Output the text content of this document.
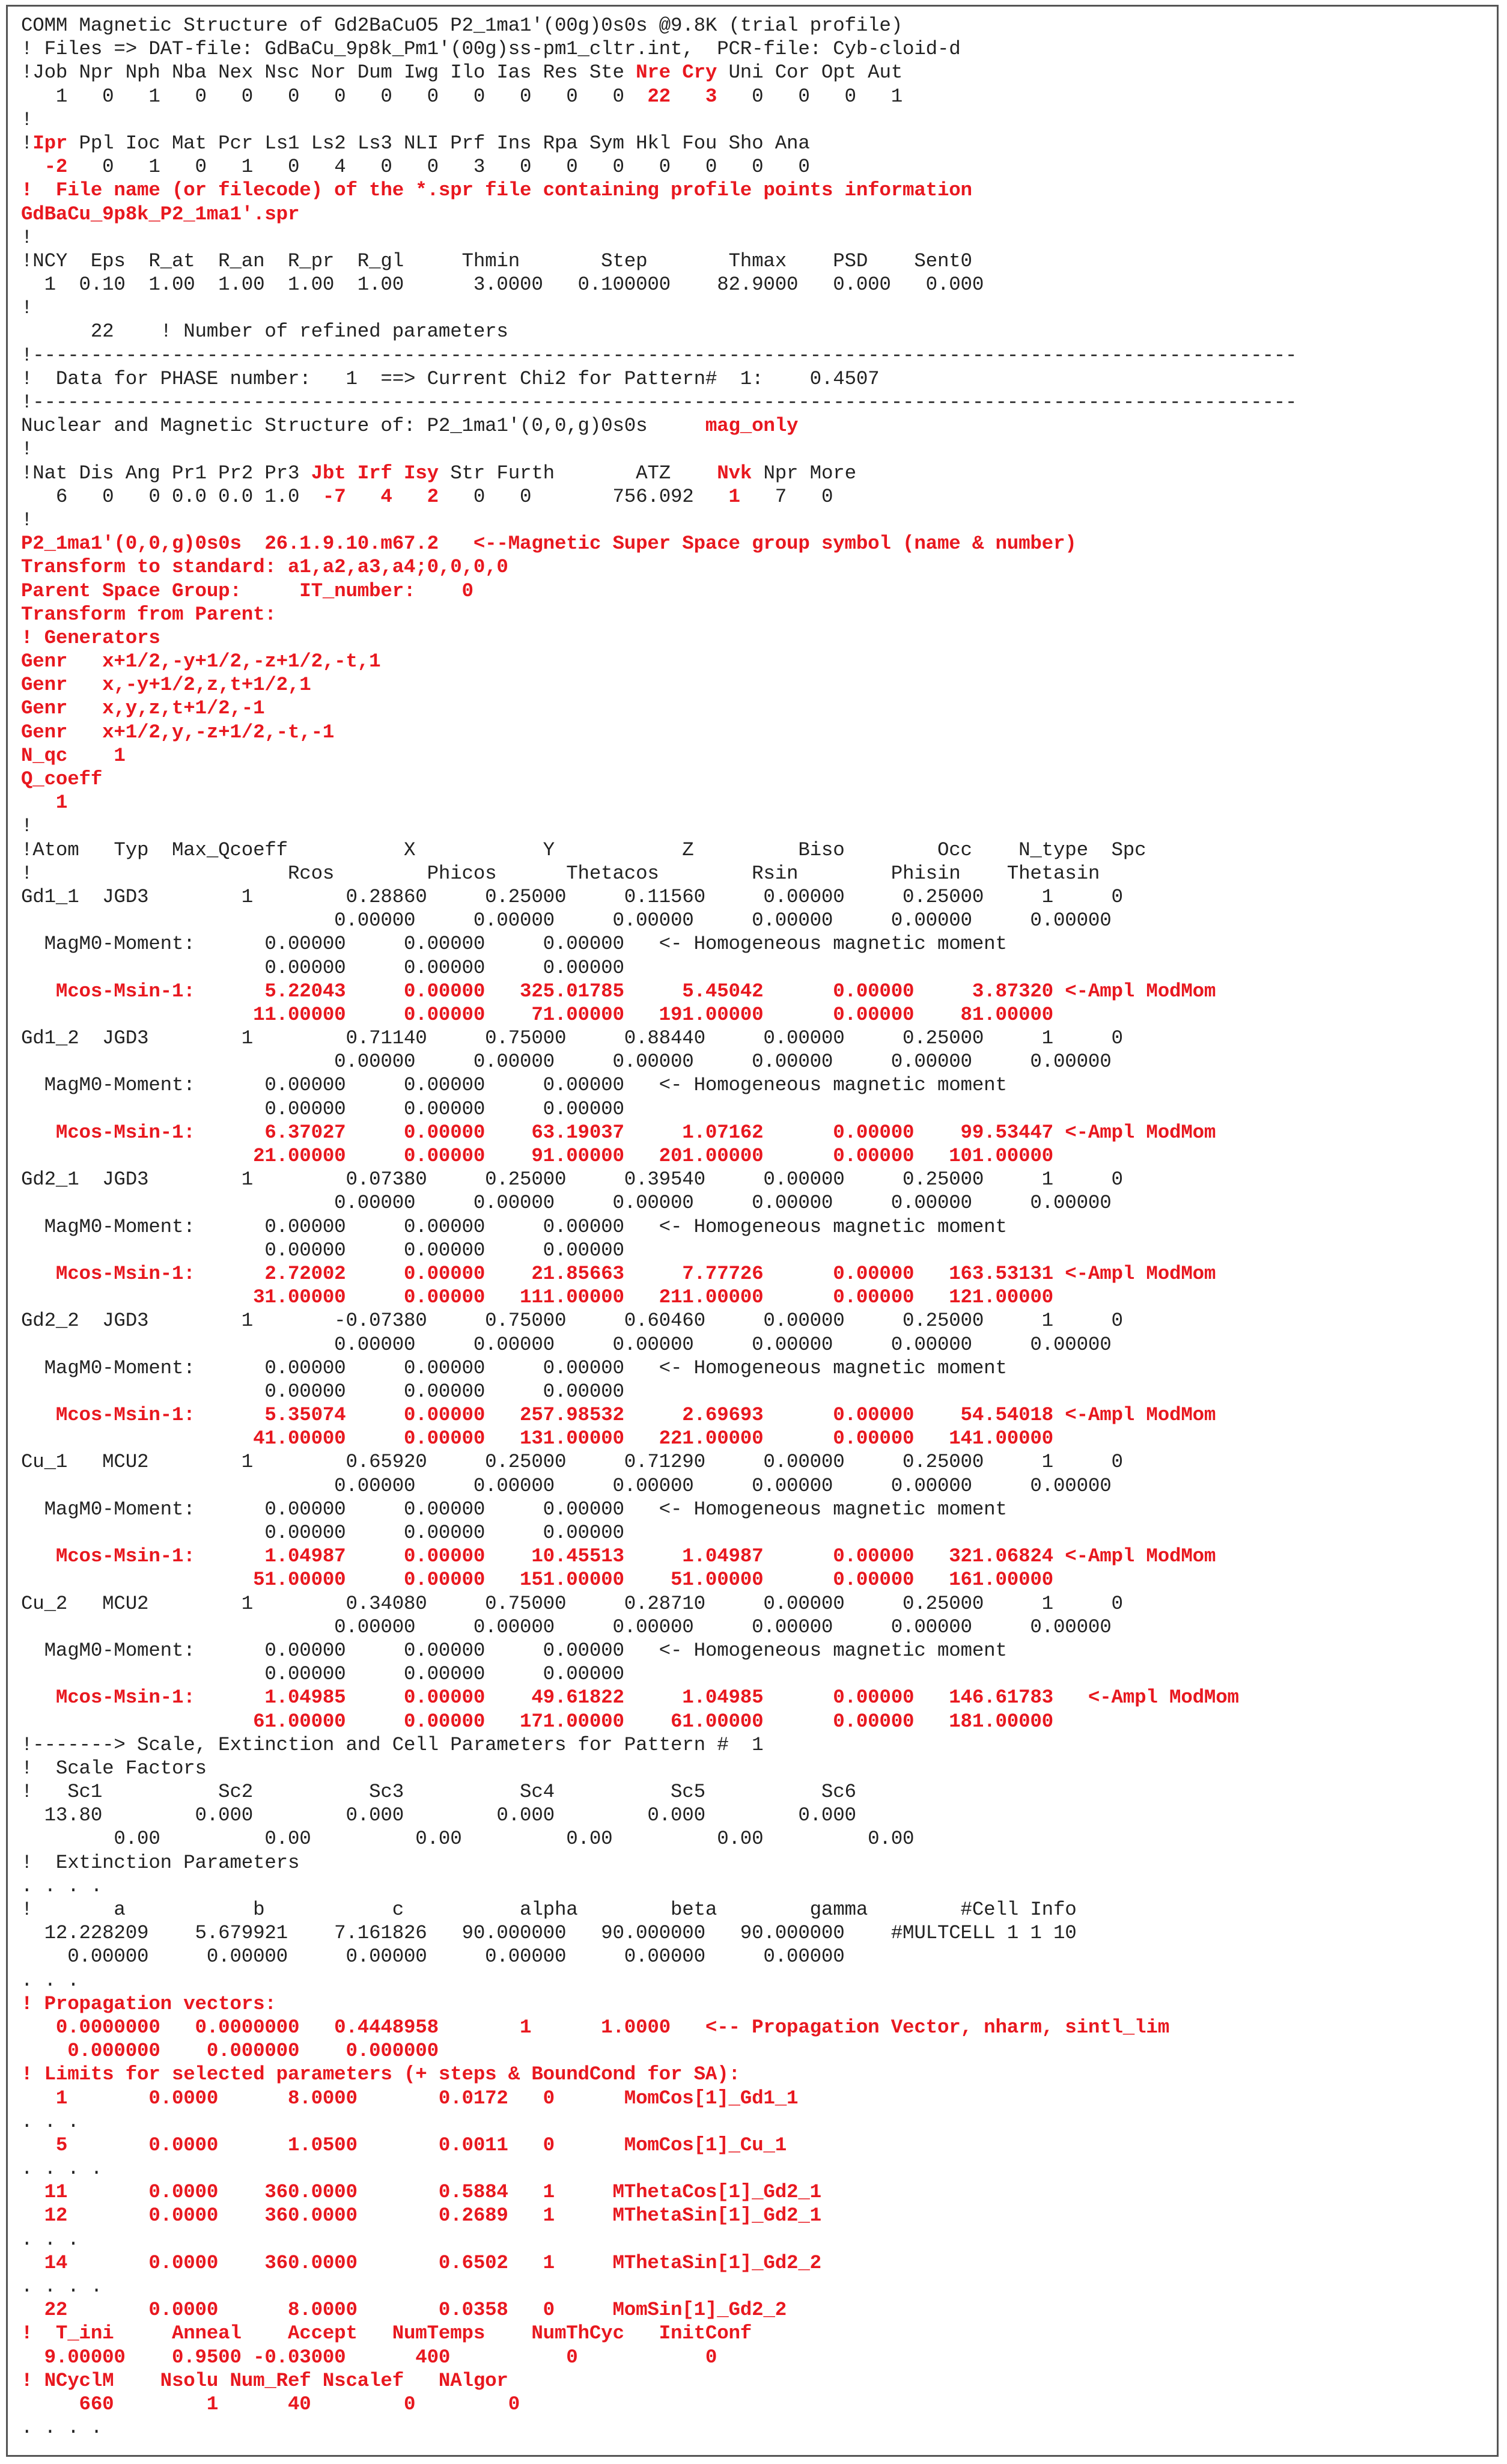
COMM Magnetic Structure of Gd2BaCuO5 P2_1ma1'(00g)0s0s @9.8K (trial profile)
! Files => DAT-file: GdBaCu_9p8k_Pm1'(00g)ss-pm1_cltr.int,  PCR-file: Cyb-cloid-d
!Job Npr Nph Nba Nex Nsc Nor Dum Iwg Ilo Ias Res Ste Nre Cry Uni Cor Opt Aut
1   0   1   0   0   0   0   0   0   0   0   0   0  22   3   0   0   0   1
!
!Ipr Ppl Ioc Mat Pcr Ls1 Ls2 Ls3 NLI Prf Ins Rpa Sym Hkl Fou Sho Ana
-2   0   1   0   1   0   4   0   0   3   0   0   0   0   0   0   0
!  File name (or filecode) of the *.spr file containing profile points information
GdBaCu_9p8k_P2_1ma1'.spr
!
!NCY  Eps  R_at  R_an  R_pr  R_gl     Thmin       Step       Thmax    PSD    Sent0
1  0.10  1.00  1.00  1.00  1.00      3.0000   0.100000    82.9000   0.000   0.000
!
22    ! Number of refined parameters
!-------------------------------------------------------------------------------------------------------------
!  Data for PHASE number:   1  ==> Current Chi2 for Pattern#  1:    0.4507
!-------------------------------------------------------------------------------------------------------------
Nuclear and Magnetic Structure of: P2_1ma1'(0,0,g)0s0s     mag_only
!
!Nat Dis Ang Pr1 Pr2 Pr3 Jbt Irf Isy Str Furth       ATZ    Nvk Npr More
6   0   0 0.0 0.0 1.0  -7   4   2   0   0       756.092   1   7   0
!
P2_1ma1'(0,0,g)0s0s  26.1.9.10.m67.2   <--Magnetic Super Space group symbol (name & number)
Transform to standard: a1,a2,a3,a4;0,0,0,0
Parent Space Group:     IT_number:    0
Transform from Parent:
! Generators
Genr   x+1/2,-y+1/2,-z+1/2,-t,1
Genr   x,-y+1/2,z,t+1/2,1
Genr   x,y,z,t+1/2,-1
Genr   x+1/2,y,-z+1/2,-t,-1
N_qc    1
Q_coeff
1
!
!Atom   Typ  Max_Qcoeff          X           Y           Z         Biso        Occ    N_type  Spc
!                      Rcos        Phicos      Thetacos        Rsin        Phisin    Thetasin
Gd1_1  JGD3        1        0.28860     0.25000     0.11560     0.00000     0.25000     1     0
0.00000     0.00000     0.00000     0.00000     0.00000     0.00000
MagM0-Moment:      0.00000     0.00000     0.00000   <- Homogeneous magnetic moment
0.00000     0.00000     0.00000
Mcos-Msin-1:      5.22043     0.00000   325.01785     5.45042      0.00000     3.87320 <-Ampl ModMom
11.00000     0.00000    71.00000   191.00000      0.00000    81.00000
Gd1_2  JGD3        1        0.71140     0.75000     0.88440     0.00000     0.25000     1     0
0.00000     0.00000     0.00000     0.00000     0.00000     0.00000
MagM0-Moment:      0.00000     0.00000     0.00000   <- Homogeneous magnetic moment
0.00000     0.00000     0.00000
Mcos-Msin-1:      6.37027     0.00000    63.19037     1.07162      0.00000    99.53447 <-Ampl ModMom
21.00000     0.00000    91.00000   201.00000      0.00000   101.00000
Gd2_1  JGD3        1        0.07380     0.25000     0.39540     0.00000     0.25000     1     0
0.00000     0.00000     0.00000     0.00000     0.00000     0.00000
MagM0-Moment:      0.00000     0.00000     0.00000   <- Homogeneous magnetic moment
0.00000     0.00000     0.00000
Mcos-Msin-1:      2.72002     0.00000    21.85663     7.77726      0.00000   163.53131 <-Ampl ModMom
31.00000     0.00000   111.00000   211.00000      0.00000   121.00000
Gd2_2  JGD3        1       -0.07380     0.75000     0.60460     0.00000     0.25000     1     0
0.00000     0.00000     0.00000     0.00000     0.00000     0.00000
MagM0-Moment:      0.00000     0.00000     0.00000   <- Homogeneous magnetic moment
0.00000     0.00000     0.00000
Mcos-Msin-1:      5.35074     0.00000   257.98532     2.69693      0.00000    54.54018 <-Ampl ModMom
41.00000     0.00000   131.00000   221.00000      0.00000   141.00000
Cu_1   MCU2        1        0.65920     0.25000     0.71290     0.00000     0.25000     1     0
0.00000     0.00000     0.00000     0.00000     0.00000     0.00000
MagM0-Moment:      0.00000     0.00000     0.00000   <- Homogeneous magnetic moment
0.00000     0.00000     0.00000
Mcos-Msin-1:      1.04987     0.00000    10.45513     1.04987      0.00000   321.06824 <-Ampl ModMom
51.00000     0.00000   151.00000    51.00000      0.00000   161.00000
Cu_2   MCU2        1        0.34080     0.75000     0.28710     0.00000     0.25000     1     0
0.00000     0.00000     0.00000     0.00000     0.00000     0.00000
MagM0-Moment:      0.00000     0.00000     0.00000   <- Homogeneous magnetic moment
0.00000     0.00000     0.00000
Mcos-Msin-1:      1.04985     0.00000    49.61822     1.04985      0.00000   146.61783   <-Ampl ModMom
61.00000     0.00000   171.00000    61.00000      0.00000   181.00000
!-------> Scale, Extinction and Cell Parameters for Pattern #  1
!  Scale Factors
!   Sc1          Sc2          Sc3          Sc4          Sc5          Sc6
13.80        0.000        0.000        0.000        0.000        0.000
0.00         0.00         0.00         0.00         0.00         0.00
!  Extinction Parameters
. . . .
!       a           b           c          alpha        beta        gamma        #Cell Info
12.228209    5.679921    7.161826   90.000000   90.000000   90.000000    #MULTCELL 1 1 10
0.00000     0.00000     0.00000     0.00000     0.00000     0.00000
. . .
! Propagation vectors:
0.0000000   0.0000000   0.4448958       1      1.0000   <-- Propagation Vector, nharm, sintl_lim
0.000000    0.000000    0.000000
! Limits for selected parameters (+ steps & BoundCond for SA):
1       0.0000      8.0000       0.0172   0      MomCos[1]_Gd1_1
. . .
5       0.0000      1.0500       0.0011   0      MomCos[1]_Cu_1
. . . .
11       0.0000    360.0000       0.5884   1     MThetaCos[1]_Gd2_1
12       0.0000    360.0000       0.2689   1     MThetaSin[1]_Gd2_1
. . .
14       0.0000    360.0000       0.6502   1     MThetaSin[1]_Gd2_2
. . . .
22       0.0000      8.0000       0.0358   0     MomSin[1]_Gd2_2
!  T_ini     Anneal    Accept   NumTemps    NumThCyc   InitConf
9.00000    0.9500 -0.03000      400          0           0
! NCyclM    Nsolu Num_Ref Nscalef   NAlgor
660        1      40        0        0
. . . .
